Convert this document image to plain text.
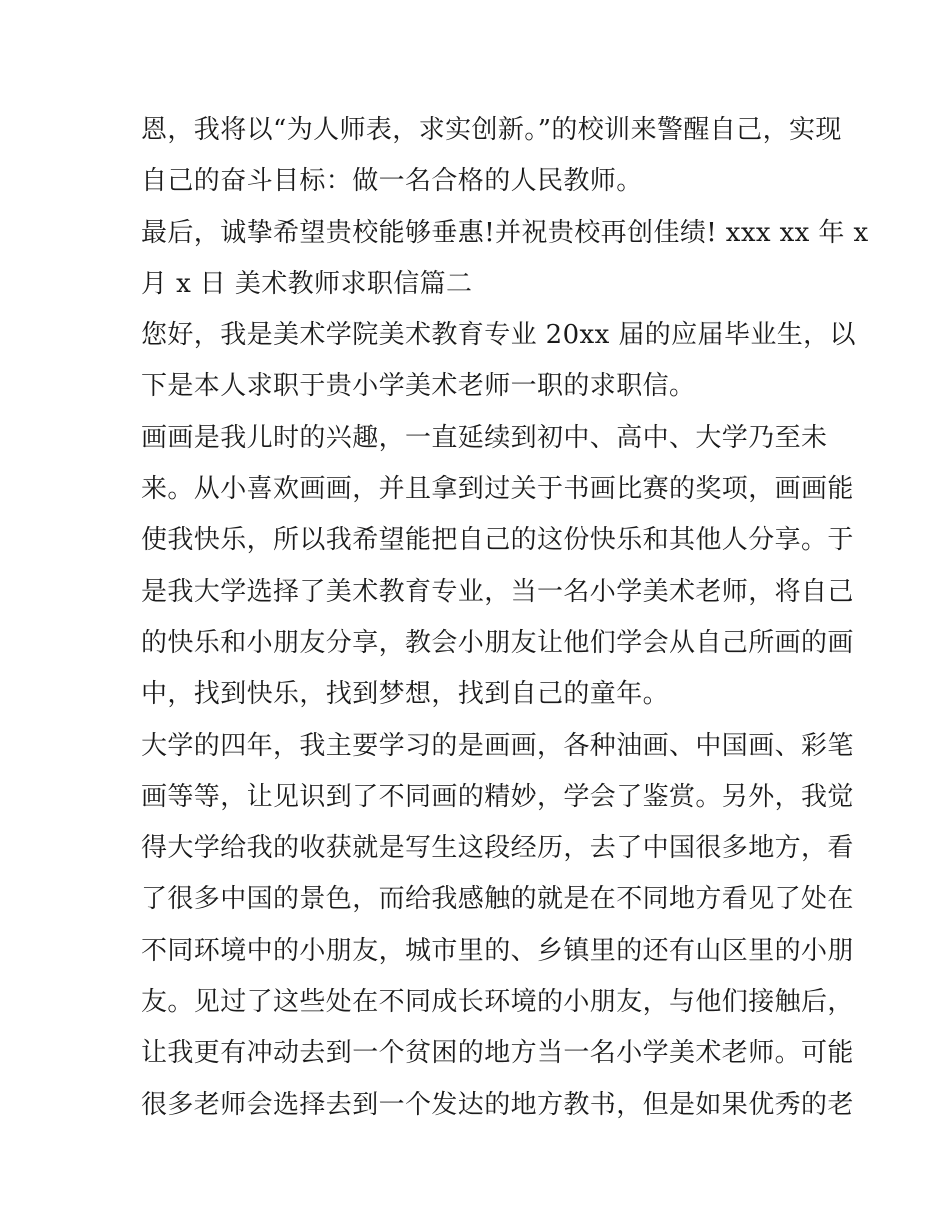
恩，我将以“为人师表，求实创新。”的校训来警醒自己，实现
自己的奋斗目标：做一名合格的人民教师。
最后，诚挚希望贵校能够垂惠!并祝贵校再创佳绩! xxx xx 年 x
月 x 日 美术教师求职信篇二
您好，我是美术学院美术教育专业 20xx 届的应届毕业生，以
下是本人求职于贵小学美术老师一职的求职信。
画画是我儿时的兴趣，一直延续到初中、高中、大学乃至未
来。从小喜欢画画，并且拿到过关于书画比赛的奖项，画画能
使我快乐，所以我希望能把自己的这份快乐和其他人分享。于
是我大学选择了美术教育专业，当一名小学美术老师，将自己
的快乐和小朋友分享，教会小朋友让他们学会从自己所画的画
中，找到快乐，找到梦想，找到自己的童年。
大学的四年，我主要学习的是画画，各种油画、中国画、彩笔
画等等，让见识到了不同画的精妙，学会了鉴赏。另外，我觉
得大学给我的收获就是写生这段经历，去了中国很多地方，看
了很多中国的景色，而给我感触的就是在不同地方看见了处在
不同环境中的小朋友，城市里的、乡镇里的还有山区里的小朋
友。见过了这些处在不同成长环境的小朋友，与他们接触后，
让我更有冲动去到一个贫困的地方当一名小学美术老师。可能
很多老师会选择去到一个发达的地方教书，但是如果优秀的老
